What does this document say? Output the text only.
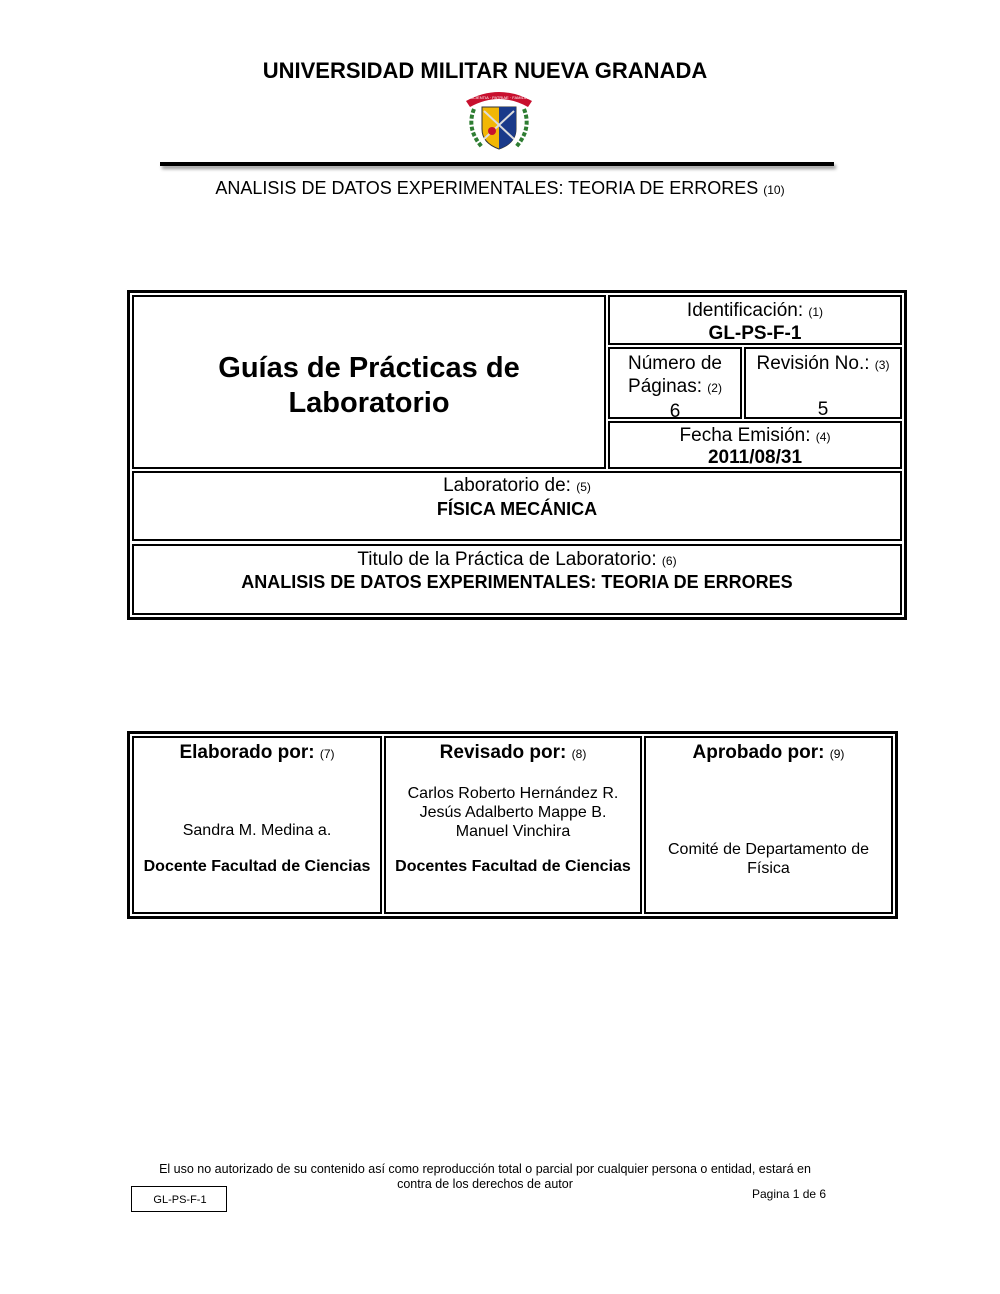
UNIVERSIDAD MILITAR NUEVA GRANADA
SCIENTIA · PATRIAE · FAMILIA
ANALISIS DE DATOS EXPERIMENTALES: TEORIA DE ERRORES (10)
Guías de Prácticas de
Laboratorio
Identificación: (1)
GL-PS-F-1
Número de
Páginas: (2)
6
Revisión No.: (3)
5
Fecha Emisión: (4)
2011/08/31
Laboratorio de: (5)
FÍSICA MECÁNICA
Titulo de la Práctica de Laboratorio: (6)
ANALISIS DE DATOS EXPERIMENTALES: TEORIA DE ERRORES
Elaborado por: (7)
Sandra M. Medina a.
Docente Facultad de Ciencias
Revisado por: (8)
Carlos Roberto Hernández R.
Jesús Adalberto Mappe B.
Manuel Vinchira
Docentes Facultad de Ciencias
Aprobado por: (9)
Comité de Departamento de
Física
El uso no autorizado de su contenido así como reproducción total o parcial por cualquier persona o entidad, estará en
contra de los derechos de autor
GL-PS-F-1	Pagina 1 de 6
